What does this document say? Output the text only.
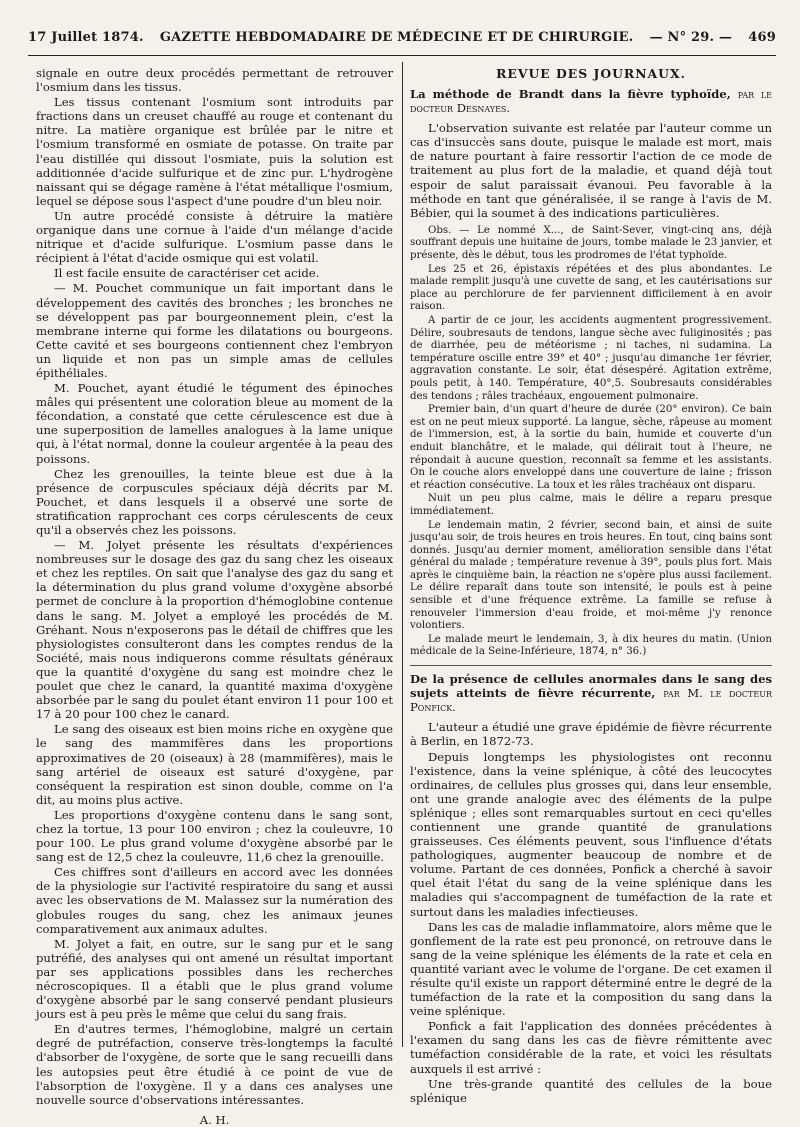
17 Juillet 1874. GAZETTE HEBDOMADAIRE DE MÉDECINE ET DE CHIRURGIE. — N° 29. — 469

signale en outre deux procédés permettant de retrouver l'osmium dans les tissus.

Les tissus contenant l'osmium sont introduits par fractions dans un creuset chauffé au rouge et contenant du nitre. La matière organique est brûlée par le nitre et l'osmium transformé en osmiate de potasse. On traite par l'eau distillée qui dissout l'osmiate, puis la solution est additionnée d'acide sulfurique et de zinc pur. L'hydrogène naissant qui se dégage ramène à l'état métallique l'osmium, lequel se dépose sous l'aspect d'une poudre d'un bleu noir.

Un autre procédé consiste à détruire la matière organique dans une cornue à l'aide d'un mélange d'acide nitrique et d'acide sulfurique. L'osmium passe dans le récipient à l'état d'acide osmique qui est volatil.

Il est facile ensuite de caractériser cet acide.

— M. Pouchet communique un fait important dans le développement des cavités des bronches ; les bronches ne se développent pas par bourgeonnement plein, c'est la membrane interne qui forme les dilatations ou bourgeons. Cette cavité et ses bourgeons contiennent chez l'embryon un liquide et non pas un simple amas de cellules épithéliales.

M. Pouchet, ayant étudié le tégument des épinoches mâles qui présentent une coloration bleue au moment de la fécondation, a constaté que cette cérulescence est due à une superposition de lamelles analogues à la lame unique qui, à l'état normal, donne la couleur argentée à la peau des poissons.

Chez les grenouilles, la teinte bleue est due à la présence de corpuscules spéciaux déjà décrits par M. Pouchet, et dans lesquels il a observé une sorte de stratification rapprochant ces corps cérulescents de ceux qu'il a observés chez les poissons.

— M. Jolyet présente les résultats d'expériences nombreuses sur le dosage des gaz du sang chez les oiseaux et chez les reptiles. On sait que l'analyse des gaz du sang et la détermination du plus grand volume d'oxygène absorbé permet de conclure à la proportion d'hémoglobine contenue dans le sang. M. Jolyet a employé les procédés de M. Gréhant. Nous n'exposerons pas le détail de chiffres que les physiologistes consulteront dans les comptes rendus de la Société, mais nous indiquerons comme résultats généraux que la quantité d'oxygène du sang est moindre chez le poulet que chez le canard, la quantité maxima d'oxygène absorbée par le sang du poulet étant environ 11 pour 100 et 17 à 20 pour 100 chez le canard.

Le sang des oiseaux est bien moins riche en oxygène que le sang des mammifères dans les proportions approximatives de 20 (oiseaux) à 28 (mammifères), mais le sang artériel de oiseaux est saturé d'oxygène, par conséquent la respiration est sinon double, comme on l'a dit, au moins plus active.

Les proportions d'oxygène contenu dans le sang sont, chez la tortue, 13 pour 100 environ ; chez la couleuvre, 10 pour 100. Le plus grand volume d'oxygène absorbé par le sang est de 12,5 chez la couleuvre, 11,6 chez la grenouille.

Ces chiffres sont d'ailleurs en accord avec les données de la physiologie sur l'activité respiratoire du sang et aussi avec les observations de M. Malassez sur la numération des globules rouges du sang, chez les animaux jeunes comparativement aux animaux adultes.

M. Jolyet a fait, en outre, sur le sang pur et le sang putréfié, des analyses qui ont amené un résultat important par ses applications possibles dans les recherches nécroscopiques. Il a établi que le plus grand volume d'oxygène absorbé par le sang conservé pendant plusieurs jours est à peu près le même que celui du sang frais.

En d'autres termes, l'hémoglobine, malgré un certain degré de putréfaction, conserve très-longtemps la faculté d'absorber de l'oxygène, de sorte que le sang recueilli dans les autopsies peut être étudié à ce point de vue de l'absorption de l'oxygène. Il y a dans ces analyses une nouvelle source d'observations intéressantes.

A. H.
REVUE DES JOURNAUX.

La méthode de Brandt dans la fièvre typhoïde, par le docteur Desnayes.

L'observation suivante est relatée par l'auteur comme un cas d'insuccès sans doute, puisque le malade est mort, mais de nature pourtant à faire ressortir l'action de ce mode de traitement au plus fort de la maladie, et quand déjà tout espoir de salut paraissait évanoui. Peu favorable à la méthode en tant que généralisée, il se range à l'avis de M. Bébier, qui la soumet à des indications particulières.

Obs. — Le nommé X..., de Saint-Sever, vingt-cinq ans, déjà souffrant depuis une huitaine de jours, tombe malade le 23 janvier, et présente, dès le début, tous les prodromes de l'état typhoïde.

Les 25 et 26, épistaxis répétées et des plus abondantes. Le malade remplit jusqu'à une cuvette de sang, et les cautérisations sur place au perchlorure de fer parviennent difficilement à en avoir raison.

A partir de ce jour, les accidents augmentent progressivement. Délire, soubresauts de tendons, langue sèche avec fuliginosités ; pas de diarrhée, peu de météorisme ; ni taches, ni sudamina. La température oscille entre 39° et 40° ; jusqu'au dimanche 1er février, aggravation constante. Le soir, état désespéré. Agitation extrême, pouls petit, à 140. Température, 40°,5. Soubresauts considérables des tendons ; râles trachéaux, engouement pulmonaire.

Premier bain, d'un quart d'heure de durée (20° environ). Ce bain est on ne peut mieux supporté. La langue, sèche, râpeuse au moment de l'immersion, est, à la sortie du bain, humide et couverte d'un enduit blanchâtre, et le malade, qui délirait tout à l'heure, ne répondait à aucune question, reconnaît sa femme et les assistants. On le couche alors enveloppé dans une couverture de laine ; frisson et réaction consécutive. La toux et les râles trachéaux ont disparu.

Nuit un peu plus calme, mais le délire a reparu presque immédiatement.

Le lendemain matin, 2 février, second bain, et ainsi de suite jusqu'au soir, de trois heures en trois heures. En tout, cinq bains sont donnés. Jusqu'au dernier moment, amélioration sensible dans l'état général du malade ; température revenue à 39°, pouls plus fort. Mais après le cinquième bain, la réaction ne s'opère plus aussi facilement. Le délire reparaît dans toute son intensité, le pouls est à peine sensible et d'une fréquence extrême. La famille se refuse à renouveler l'immersion d'eau froide, et moi-même j'y renonce volontiers.

Le malade meurt le lendemain, 3, à dix heures du matin. (Union médicale de la Seine-Inférieure, 1874, n° 36.)

De la présence de cellules anormales dans le sang des sujets atteints de fièvre récurrente, par M. le docteur Ponfick.

L'auteur a étudié une grave épidémie de fièvre récurrente à Berlin, en 1872-73.

Depuis longtemps les physiologistes ont reconnu l'existence, dans la veine splénique, à côté des leucocytes ordinaires, de cellules plus grosses qui, dans leur ensemble, ont une grande analogie avec des éléments de la pulpe splénique ; elles sont remarquables surtout en ceci qu'elles contiennent une grande quantité de granulations graisseuses. Ces éléments peuvent, sous l'influence d'états pathologiques, augmenter beaucoup de nombre et de volume. Partant de ces données, Ponfick a cherché à savoir quel était l'état du sang de la veine splénique dans les maladies qui s'accompagnent de tuméfaction de la rate et surtout dans les maladies infectieuses.

Dans les cas de maladie inflammatoire, alors même que le gonflement de la rate est peu prononcé, on retrouve dans le sang de la veine splénique les éléments de la rate et cela en quantité variant avec le volume de l'organe. De cet examen il résulte qu'il existe un rapport déterminé entre le degré de la tuméfaction de la rate et la composition du sang dans la veine splénique.

Ponfick a fait l'application des données précédentes à l'examen du sang dans les cas de fièvre rémittente avec tuméfaction considérable de la rate, et voici les résultats auxquels il est arrivé :

Une très-grande quantité des cellules de la boue splénique
